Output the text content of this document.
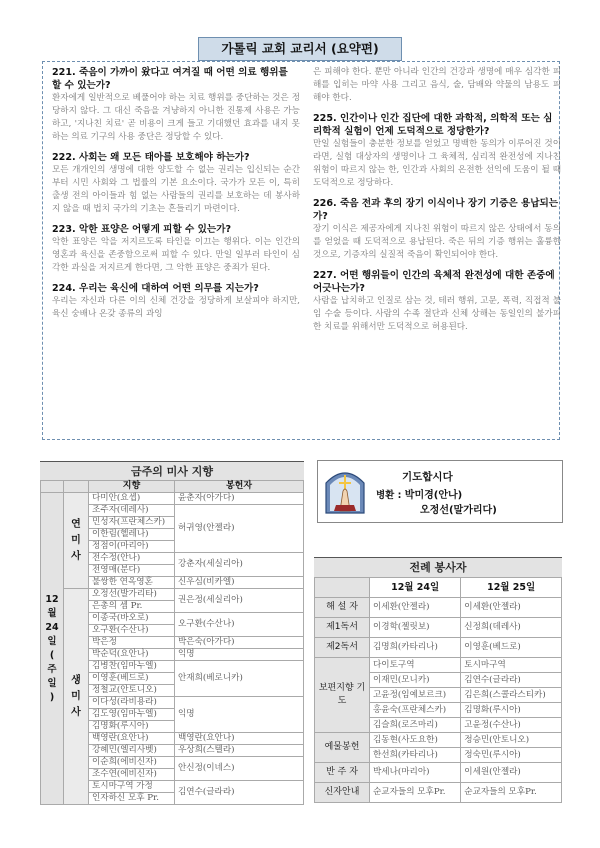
221. 죽음이 가까이 왔다고 여겨질 때 어떤 의료 행위를 할 수 있는가?

환자에게 일반적으로 베풀어야 하는 치료 행위를 중단하는 것은 정당하지 않다. 그 대신 죽음을 겨냥하지 아니한 진통제 사용은 가능하고, '지나친 치료' 곧 비용이 크게 들고 기대했던 효과를 내지 못하는 의료 기구의 사용 중단은 정당할 수 있다.

222. 사회는 왜 모든 태아를 보호해야 하는가?

모든 개개인의 생명에 대한 양도할 수 없는 권리는 입신되는 순간부터 시민 사회와 그 법률의 기본 요소이다. 국가가 모든 이, 특히 출생 전의 아이들과 힘 없는 사람들의 권리를 보호하는 데 봉사하지 않을 때 법치 국가의 기초는 흔들리기 마련이다.

223. 악한 표양은 어떻게 피할 수 있는가?

악한 표양은 악을 저지르도록 타인을 이끄는 행위다. 이는 인간의 영혼과 육신을 존중함으로써 피할 수 있다. 만일 일부러 타인이 심각한 과실을 저지르게 한다면, 그 악한 표양은 중죄가 된다.

224. 우리는 육신에 대하여 어떤 의무를 지는가?

우리는 자신과 다른 이의 신체 건강을 정당하게 보살피야 하지만, 육신 숭배나 온갖 종류의 과잉

은 피해야 한다. 뿐만 아니라 인간의 건강과 생명에 매우 심각한 피해를 입히는 마약 사용 그리고 음식, 술, 담배와 약물의 남용도 피해야 한다.

225. 인간이나 인간 집단에 대한 과학적, 의학적 또는 심리학적 실험이 언제 도덕적으로 정당한가?

만일 실험들이 충분한 정보를 얻었고 명백한 동의가 이루어진 것이라면, 실험 대상자의 생명이나 그 육체적, 심리적 완전성에 지나친 위험이 따르지 않는 한, 인간과 사회의 온전한 선익에 도움이 될 때 도덕적으로 정당하다.

226. 죽음 전과 후의 장기 이식이나 장기 기증은 용납되는가?

장기 이식은 제공자에게 지나친 위험이 따르지 않은 상태에서 동의를 얻었을 때 도덕적으로 용납된다. 죽은 뒤의 기증 행위는 훌륭한 것으로, 기증자의 실질적 죽음이 확인되어야 한다.

227. 어떤 행위들이 인간의 육체적 완전성에 대한 존중에 어긋나는가?

사람을 납치하고 인질로 삼는 것, 테러 행위, 고문, 폭력, 직접적 불임 수술 등이다. 사람의 수족 절단과 신체 상해는 동일인의 불가피한 치료를 위해서만 도덕적으로 허용된다.

가톨릭 교회 교리서 (요약편)
금주의 미사 지향
		지향	봉헌자
12 월 24 일 ( 주일 )	연미사	다미안(요셉)	윤춘자(아가다)
		조주자(데레사)	허귀영(안젤라)
		민성자(프란체스카)	
		이한림(헬레나)	
		정점이(마리아)	
		전수정(안나)	강춘자(세실리아)
		전영매(분다)	
		불쌍한 연옥영혼	신우심(비카엘)
	생미사	오정선(발가리타)	권은정(세실리아)
		은총의 셈 Pr.	
		이종국(바오로)	오구환(수산나)
		오구환(수산나)	
		박은정	박은숙(아가다)
		박순덕(요안나)	익명
		김병찬(임마누엘)	안재희(베로니카)
		이영훈(베드로)	
		정철교(안토니오)	
		이다성(라비용라)	익명
		김도영(임마누엘)	
		김명화(루시아)	
		백영란(요안나)	백영란(요안나)
		강혜민(엘리사벳)	우상희(스텔라)
		이순희(에비신자)	안신정(이네스)
		조수연(에비신자)	
		토시마구역 가정	김연수(글라라)
		인자하신 모후 Pr.	
기도합시다
병환 : 박미경(안나)
오정선(말가리다)
전례 봉사자
	12월 24일	12월 25일
해 설 자	이세환(안젤라)	이세환(안젤라)
제1독서	이경학(젤릿보)	신정희(데레사)
제2독서	김명희(카타리나)	이영훈(베드로)
보편지향 기 도	다이토구역	토시마구역
	이재민(모니카)	김연수(글라라)
	고윤정(임예보르크)	김은희(스콜라스티카)
	홍윤숙(프란체스카)	김명화(루시아)
	김슬희(로즈마리)	고윤정(수산나)
예물봉헌	김동현(사도요한)	정승민(안토니오)
	한선희(카타리나)	정숙민(루시아)
반 주 자	박세나(마리아)	이세원(안젤라)
신자안내	순교자들의 모후Pr.	순교자들의 모후Pr.
